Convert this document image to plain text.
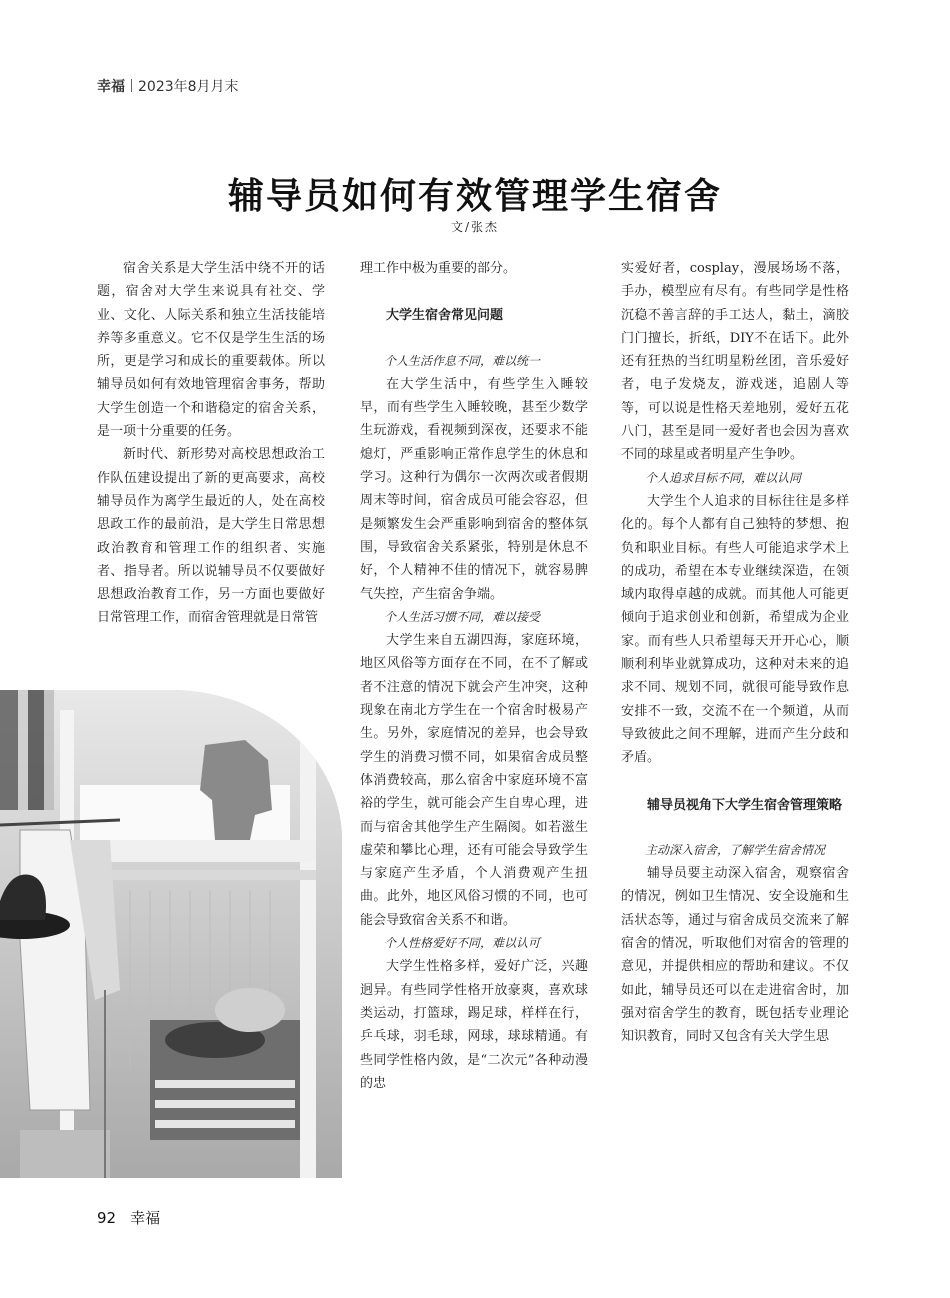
幸福 2023年8月月末
辅导员如何有效管理学生宿舍
文/张杰

宿舍关系是大学生活中绕不开的话题，宿舍对大学生来说具有社交、学业、文化、人际关系和独立生活技能培养等多重意义。它不仅是学生生活的场所，更是学习和成长的重要载体。所以辅导员如何有效地管理宿舍事务，帮助大学生创造一个和谐稳定的宿舍关系，是一项十分重要的任务。

新时代、新形势对高校思想政治工作队伍建设提出了新的更高要求，高校辅导员作为离学生最近的人，处在高校思政工作的最前沿，是大学生日常思想政治教育和管理工作的组织者、实施者、指导者。所以说辅导员不仅要做好思想政治教育工作，另一方面也要做好日常管理工作，而宿舍管理就是日常管

理工作中极为重要的部分。

大学生宿舍常见问题

个人生活作息不同，难以统一

在大学生活中，有些学生入睡较早，而有些学生入睡较晚，甚至少数学生玩游戏，看视频到深夜，还要求不能熄灯，严重影响正常作息学生的休息和学习。这种行为偶尔一次两次或者假期周末等时间，宿舍成员可能会容忍，但是频繁发生会严重影响到宿舍的整体氛围，导致宿舍关系紧张，特别是休息不好，个人精神不佳的情况下，就容易脾气失控，产生宿舍争端。

个人生活习惯不同，难以接受

大学生来自五湖四海，家庭环境，地区风俗等方面存在不同，在不了解或者不注意的情况下就会产生冲突，这种现象在南北方学生在一个宿舍时极易产生。另外，家庭情况的差异，也会导致学生的消费习惯不同，如果宿舍成员整体消费较高，那么宿舍中家庭环境不富裕的学生，就可能会产生自卑心理，进而与宿舍其他学生产生隔阂。如若滋生虚荣和攀比心理，还有可能会导致学生与家庭产生矛盾，个人消费观产生扭曲。此外，地区风俗习惯的不同，也可能会导致宿舍关系不和谐。

个人性格爱好不同，难以认可

大学生性格多样，爱好广泛，兴趣迥异。有些同学性格开放豪爽，喜欢球类运动，打篮球，踢足球，样样在行，乒乓球，羽毛球，网球，球球精通。有些同学性格内敛，是“二次元”各种动漫的忠

实爱好者，cosplay，漫展场场不落，手办，模型应有尽有。有些同学是性格沉稳不善言辞的手工达人，黏土，滴胶门门擅长，折纸，DIY不在话下。此外还有狂热的当红明星粉丝团，音乐爱好者，电子发烧友，游戏迷，追剧人等等，可以说是性格天差地别，爱好五花八门，甚至是同一爱好者也会因为喜欢不同的球星或者明星产生争吵。

个人追求目标不同，难以认同

大学生个人追求的目标往往是多样化的。每个人都有自己独特的梦想、抱负和职业目标。有些人可能追求学术上的成功，希望在本专业继续深造，在领域内取得卓越的成就。而其他人可能更倾向于追求创业和创新，希望成为企业家。而有些人只希望每天开开心心，顺顺利利毕业就算成功，这种对未来的追求不同、规划不同，就很可能导致作息安排不一致，交流不在一个频道，从而导致彼此之间不理解，进而产生分歧和矛盾。

辅导员视角下大学生宿舍管理策略

主动深入宿舍，了解学生宿舍情况

辅导员要主动深入宿舍，观察宿舍的情况，例如卫生情况、安全设施和生活状态等，通过与宿舍成员交流来了解宿舍的情况，听取他们对宿舍的管理的意见，并提供相应的帮助和建议。不仅如此，辅导员还可以在走进宿舍时，加强对宿舍学生的教育，既包括专业理论知识教育，同时又包含有关大学生思

92 幸福
